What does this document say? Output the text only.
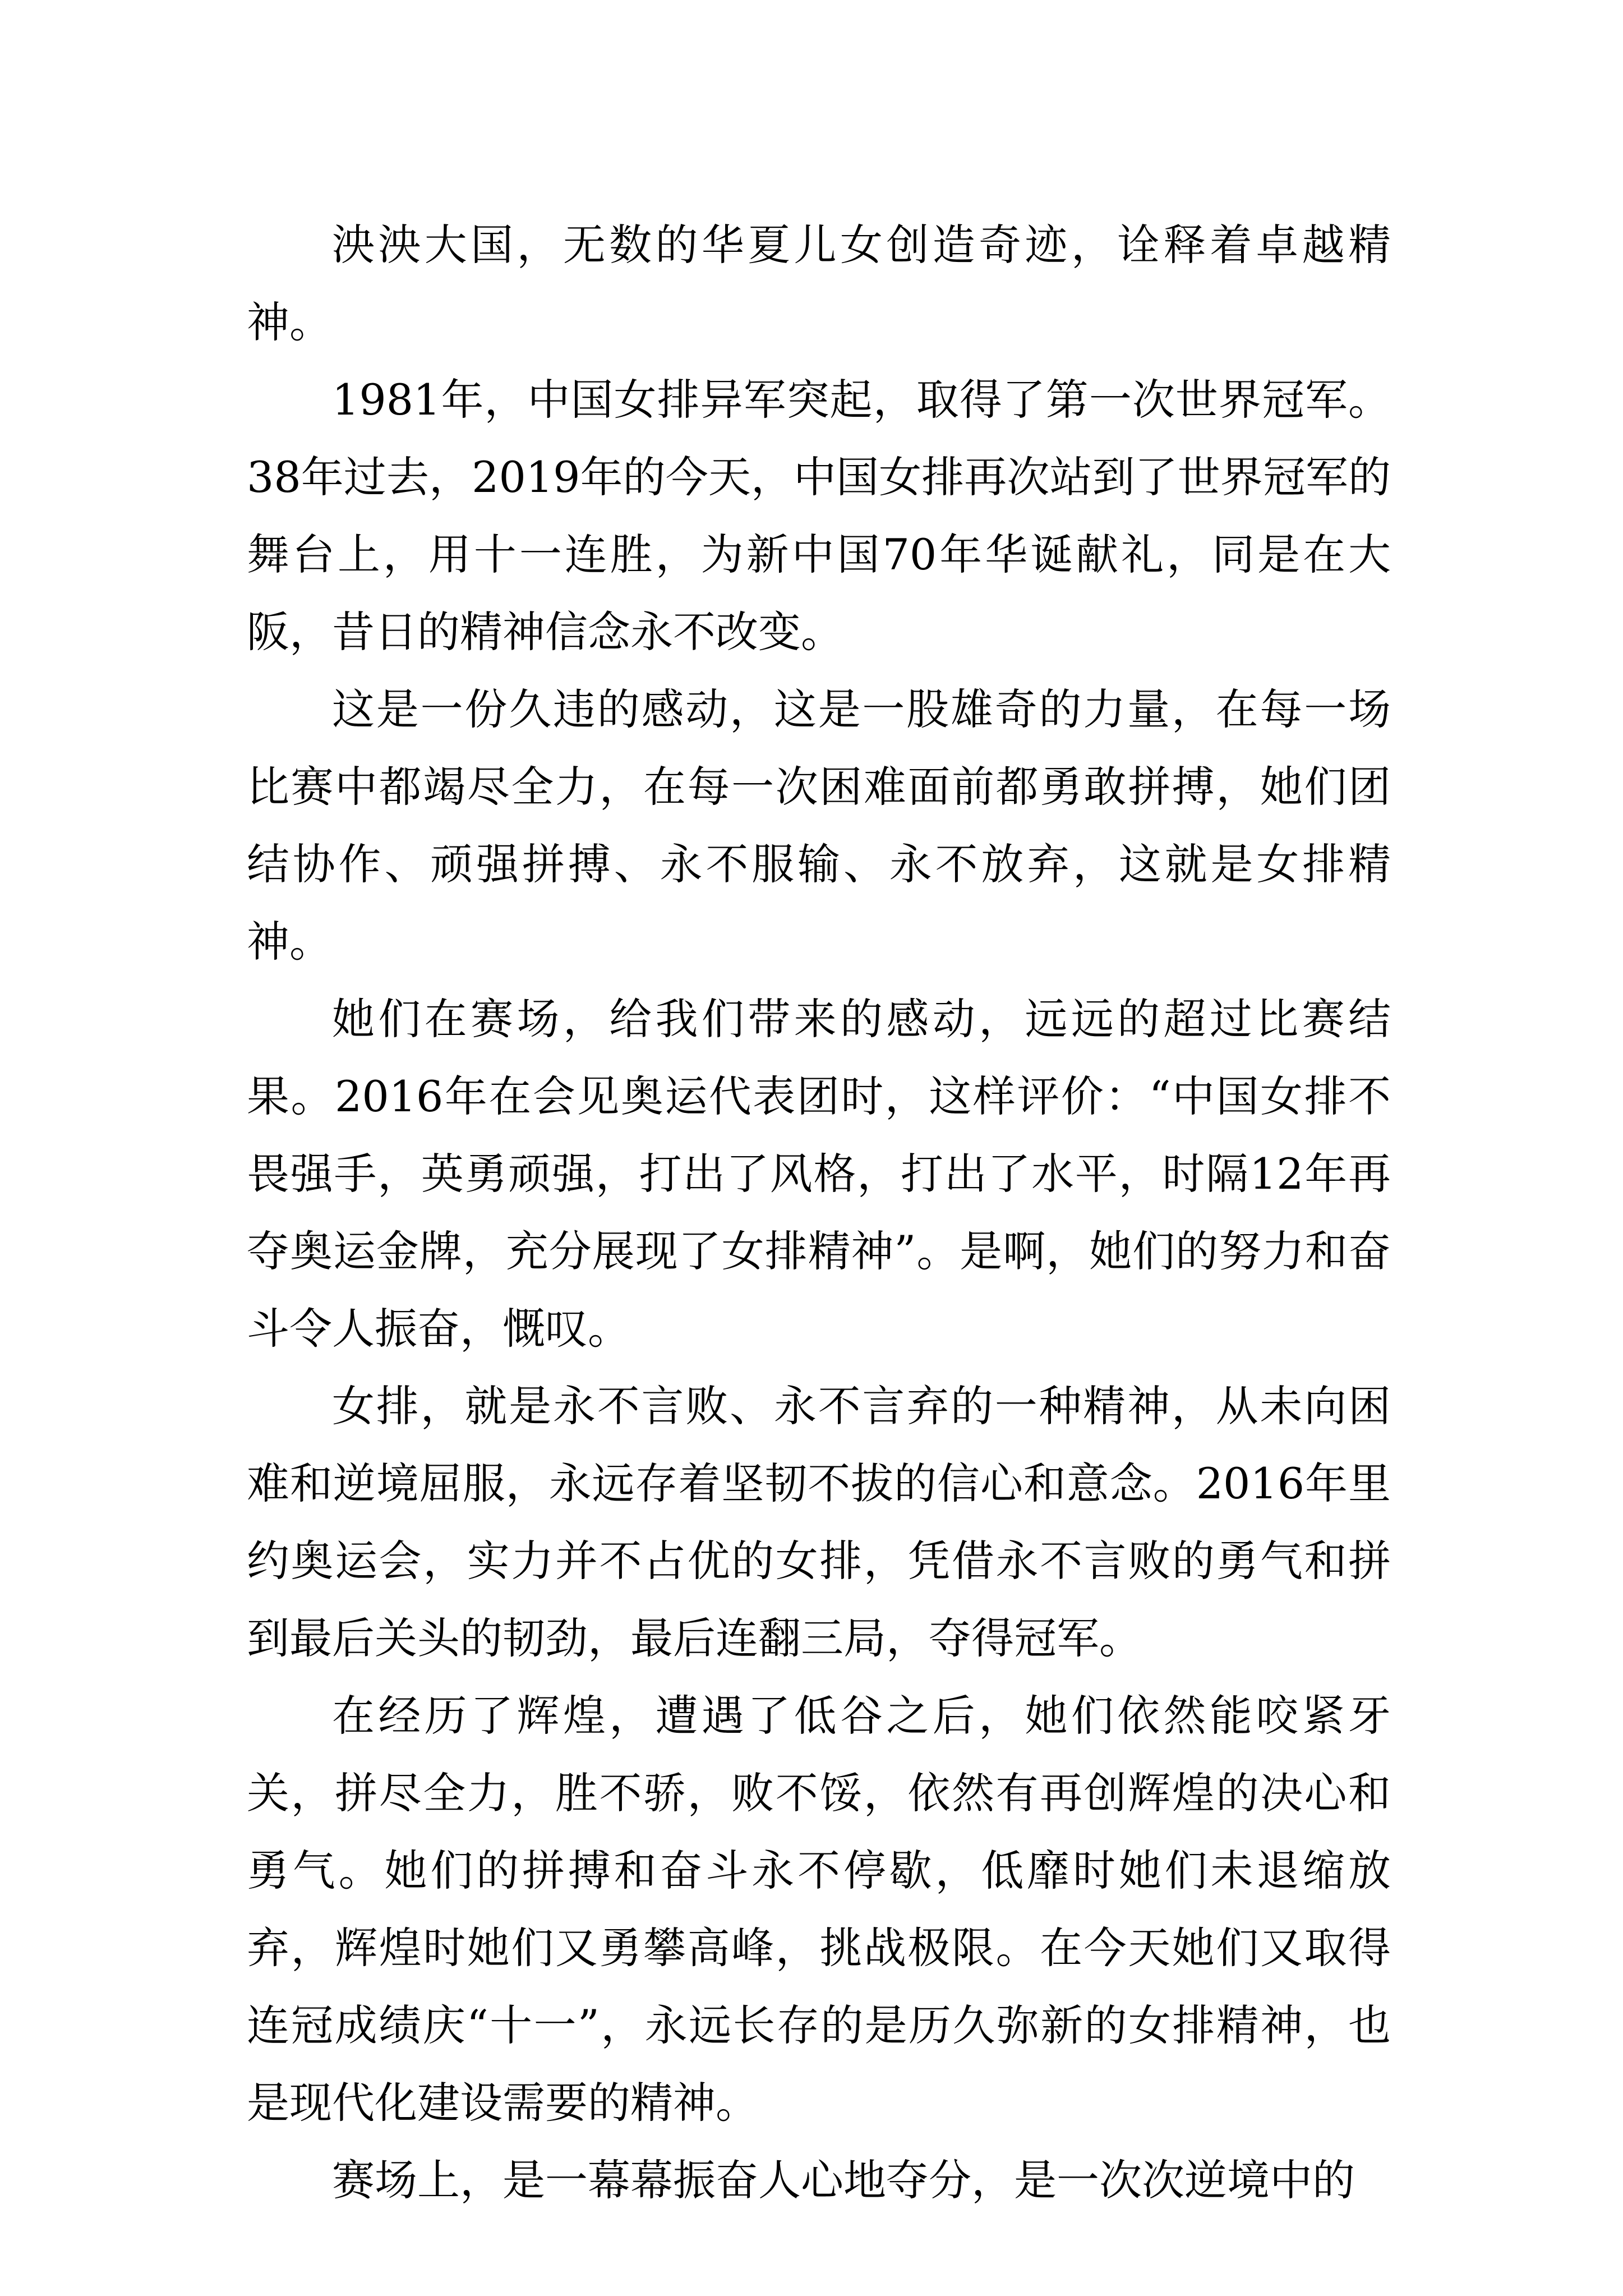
泱泱大国，无数的华夏儿女创造奇迹，诠释着卓越精神。

1981年，中国女排异军突起，取得了第一次世界冠军。38年过去，2019年的今天，中国女排再次站到了世界冠军的舞台上，用十一连胜，为新中国70年华诞献礼，同是在大阪，昔日的精神信念永不改变。

这是一份久违的感动，这是一股雄奇的力量，在每一场比赛中都竭尽全力，在每一次困难面前都勇敢拼搏，她们团结协作、顽强拼搏、永不服输、永不放弃，这就是女排精神。

她们在赛场，给我们带来的感动，远远的超过比赛结果。2016年在会见奥运代表团时，这样评价：“中国女排不畏强手，英勇顽强，打出了风格，打出了水平，时隔12年再夺奥运金牌，充分展现了女排精神”。是啊，她们的努力和奋斗令人振奋，慨叹。

女排，就是永不言败、永不言弃的一种精神，从未向困难和逆境屈服，永远存着坚韧不拔的信心和意念。2016年里约奥运会，实力并不占优的女排，凭借永不言败的勇气和拼到最后关头的韧劲，最后连翻三局，夺得冠军。

在经历了辉煌，遭遇了低谷之后，她们依然能咬紧牙关，拼尽全力，胜不骄，败不馁，依然有再创辉煌的决心和勇气。她们的拼搏和奋斗永不停歇，低靡时她们未退缩放弃，辉煌时她们又勇攀高峰，挑战极限。在今天她们又取得连冠成绩庆“十一”，永远长存的是历久弥新的女排精神，也是现代化建设需要的精神。

赛场上，是一幕幕振奋人心地夺分，是一次次逆境中的
